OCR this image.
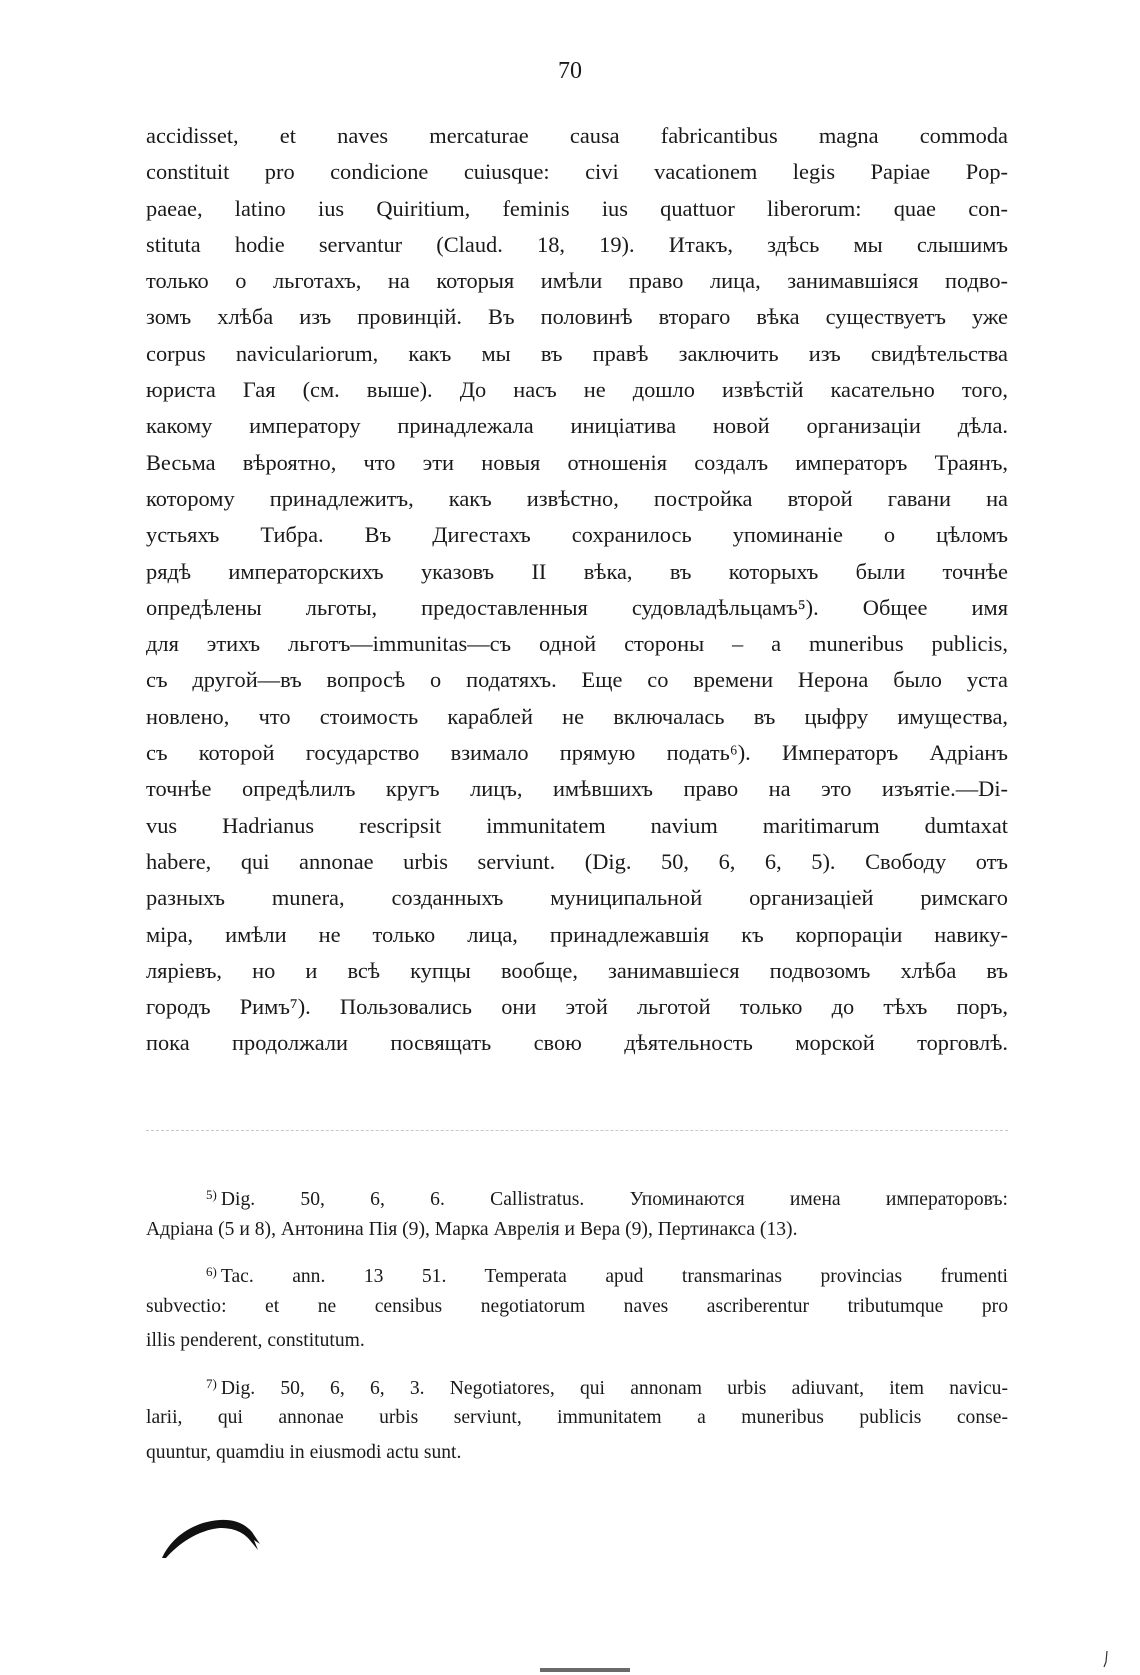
70
accidisset, et naves mercaturae causa fabricantibus magna commoda
constituit pro condicione cuiusque: civi vacationem legis Papiae Pop-
paeae, latino ius Quiritium, feminis ius quattuor liberorum: quae con-
stituta hodie servantur (Claud. 18, 19). Итакъ, здѣсь мы слышимъ
только о льготахъ, на которыя имѣли право лица, занимавшіяся подво-
зомъ хлѣба изъ провинцій. Въ половинѣ втораго вѣка существуетъ уже
corpus naviculariorum, какъ мы въ правѣ заключить изъ свидѣтельства
юриста Гая (см. выше). До насъ не дошло извѣстій касательно того,
какому императору принадлежала иниціатива новой организаціи дѣла.
Весьма вѣроятно, что эти новыя отношенія создалъ императоръ Траянъ,
которому принадлежитъ, какъ извѣстно, постройка второй гавани на
устьяхъ Тибра. Въ Дигестахъ сохранилось упоминаніе о цѣломъ
рядѣ императорскихъ указовъ II вѣка, въ которыхъ были точнѣе
опредѣлены льготы, предоставленныя судовладѣльцамъ⁵). Общее имя
для этихъ льготъ—immunitas—съ одной стороны – a muneribus publicis,
съ другой—въ вопросѣ о податяхъ. Еще со времени Нерона было уста
новлено, что стоимость караблей не включалась въ цыфру имущества,
съ которой государство взимало прямую подать⁶). Императоръ Адріанъ
точнѣе опредѣлилъ кругъ лицъ, имѣвшихъ право на это изъятіе.—Di-
vus Hadrianus rescripsit immunitatem navium maritimarum dumtaxat
habere, qui annonae urbis serviunt. (Dig. 50, 6, 6, 5). Свободу отъ
разныхъ munera, созданныхъ муниципальной организаціей римскаго
міра, имѣли не только лица, принадлежавшія къ корпораціи навику-
ляріевъ, но и всѣ купцы вообще, занимавшіеся подвозомъ хлѣба въ
городъ Римъ⁷). Пользовались они этой льготой только до тѣхъ поръ,
пока продолжали посвящать свою дѣятельность морской торговлѣ.
$^{5)}$ Dig. 50, 6, 6. Callistratus. Упоминаются имена императоровъ:
Адріана (5 и 8), Антонина Пія (9), Марка Аврелія и Вера (9), Пертинакса (13).
$^{6)}$ Tac. ann. 13 51. Temperata apud transmarinas provincias frumenti
subvectio: et ne censibus negotiatorum naves ascriberentur tributumque pro
illis penderent, constitutum.
$^{7)}$ Dig. 50, 6, 6, 3. Negotiatores, qui annonam urbis adiuvant, item navicu-
larii, qui annonae urbis serviunt, immunitatem a muneribus publicis conse-
quuntur, quamdiu in eiusmodi actu sunt.
